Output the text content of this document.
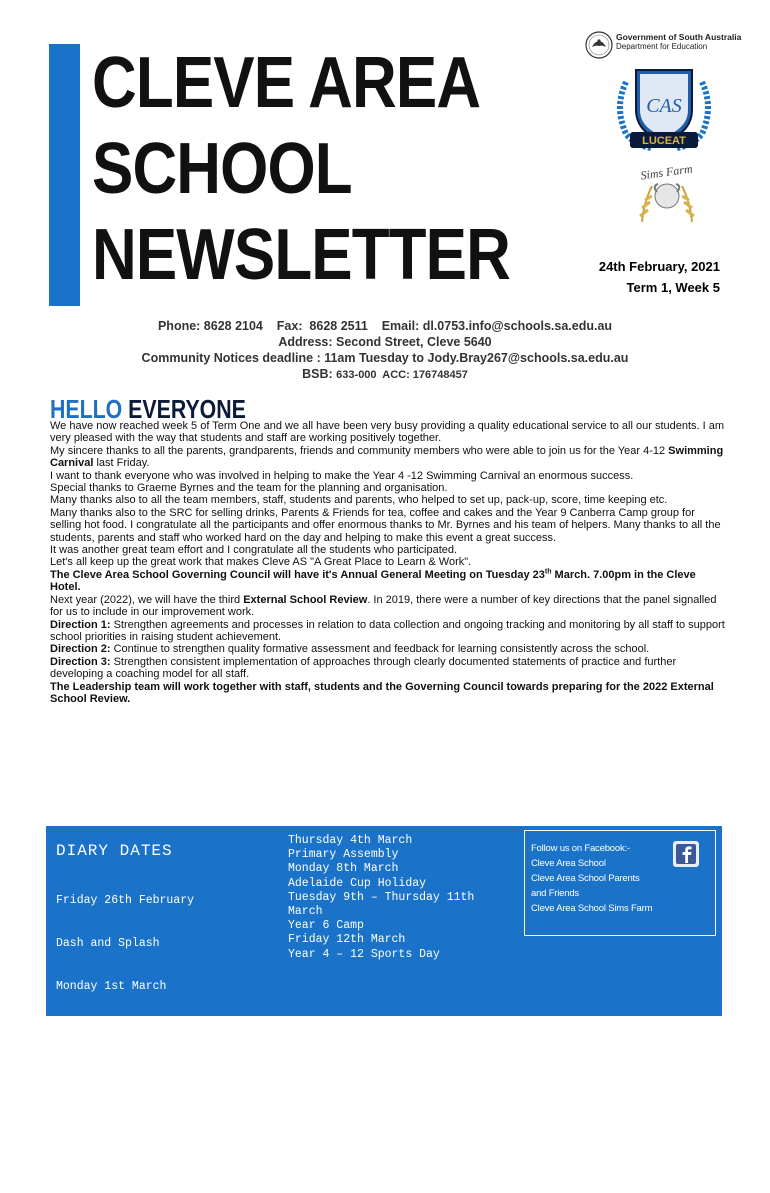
CLEVE AREA
SCHOOL
NEWSLETTER
Government of South Australia
Department for Education
CAS
LUCEAT
Sims Farm
24th February, 2021
Term 1, Week 5
Phone: 8628 2104    Fax:  8628 2511    Email: dl.0753.info@schools.sa.edu.au
Address: Second Street, Cleve 5640
Community Notices deadline : 11am Tuesday to Jody.Bray267@schools.sa.edu.au
BSB: 633-000  ACC: 176748457
HELLO EVERYONE

We have now reached week 5 of Term One and we all have been very busy providing a quality educational service to all our students. I am very pleased with the way that students and staff are working positively together.

My sincere thanks to all the parents, grandparents, friends and community members who were able to join us for the Year 4-12 Swimming Carnival last Friday.

I want to thank everyone who was involved in helping to make the Year 4 -12 Swimming Carnival an enormous success.

Special thanks to Graeme Byrnes and the team for the planning and organisation.

Many thanks also to all the team members, staff, students and parents, who helped to set up, pack-up, score, time keeping etc.

Many thanks also to the SRC for selling drinks, Parents & Friends for tea, coffee and cakes and the Year 9 Canberra Camp group for selling hot food. I congratulate all the participants and offer enormous thanks to Mr. Byrnes and his team of helpers. Many thanks to all the students, parents and staff who worked hard on the day and helping to make this event a great success.

It was another great team effort and I congratulate all the students who participated.

Let's all keep up the great work that makes Cleve AS "A Great Place to Learn & Work".

The Cleve Area School Governing Council will have it's Annual General Meeting on Tuesday 23th March. 7.00pm in the Cleve Hotel.

Next year (2022), we will have the third External School Review. In 2019, there were a number of key directions that the panel signalled for us to include in our improvement work.

Direction 1: Strengthen agreements and processes in relation to data collection and ongoing tracking and monitoring by all staff to support school priorities in raising student achievement.

Direction 2: Continue to strengthen quality formative assessment and feedback for learning consistently across the school.

Direction 3: Strengthen consistent implementation of approaches through clearly documented statements of practice and further developing a coaching model for all staff.

The Leadership team will work together with staff, students and the Governing Council towards preparing for the 2022 External School Review.

DIARY DATES

Friday 26th February

Dash and Splash

Monday 1st March

Youth SRC Leaders Adelaide

Tuesday 2nd –Thursday 4th

March

Sports Day Trials/Practices

Thursday 4th March
Primary Assembly
Monday 8th March
Adelaide Cup Holiday
Tuesday 9th – Thursday 11th March
Year 6 Camp
Friday 12th March
Year 4 – 12 Sports Day
Follow us on Facebook:-
Cleve Area School
Cleve Area School Parents
and Friends
Cleve Area School Sims Farm
